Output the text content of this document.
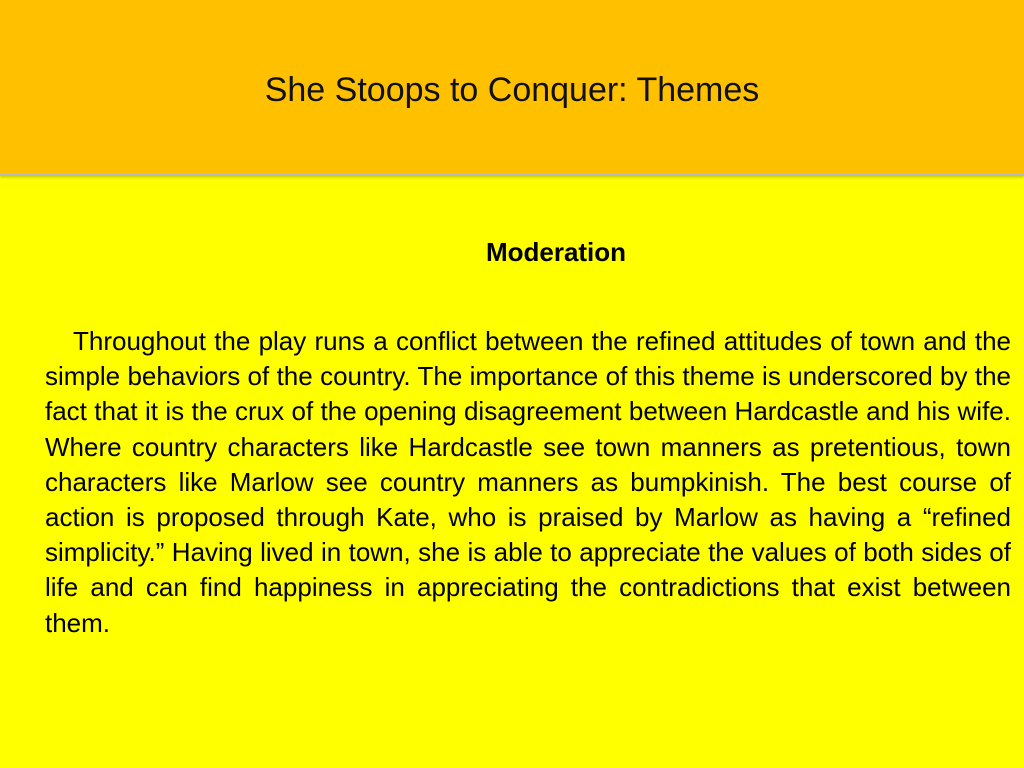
She Stoops to Conquer: Themes
Moderation

Throughout the play runs a conflict between the refined attitudes of town and the simple behaviors of the country. The importance of this theme is underscored by the fact that it is the crux of the opening disagreement between Hardcastle and his wife. Where country characters like Hardcastle see town manners as pretentious, town characters like Marlow see country manners as bumpkinish. The best course of action is proposed through Kate, who is praised by Marlow as having a “refined simplicity.” Having lived in town, she is able to appreciate the values of both sides of life and can find happiness in appreciating the contradictions that exist between them.
